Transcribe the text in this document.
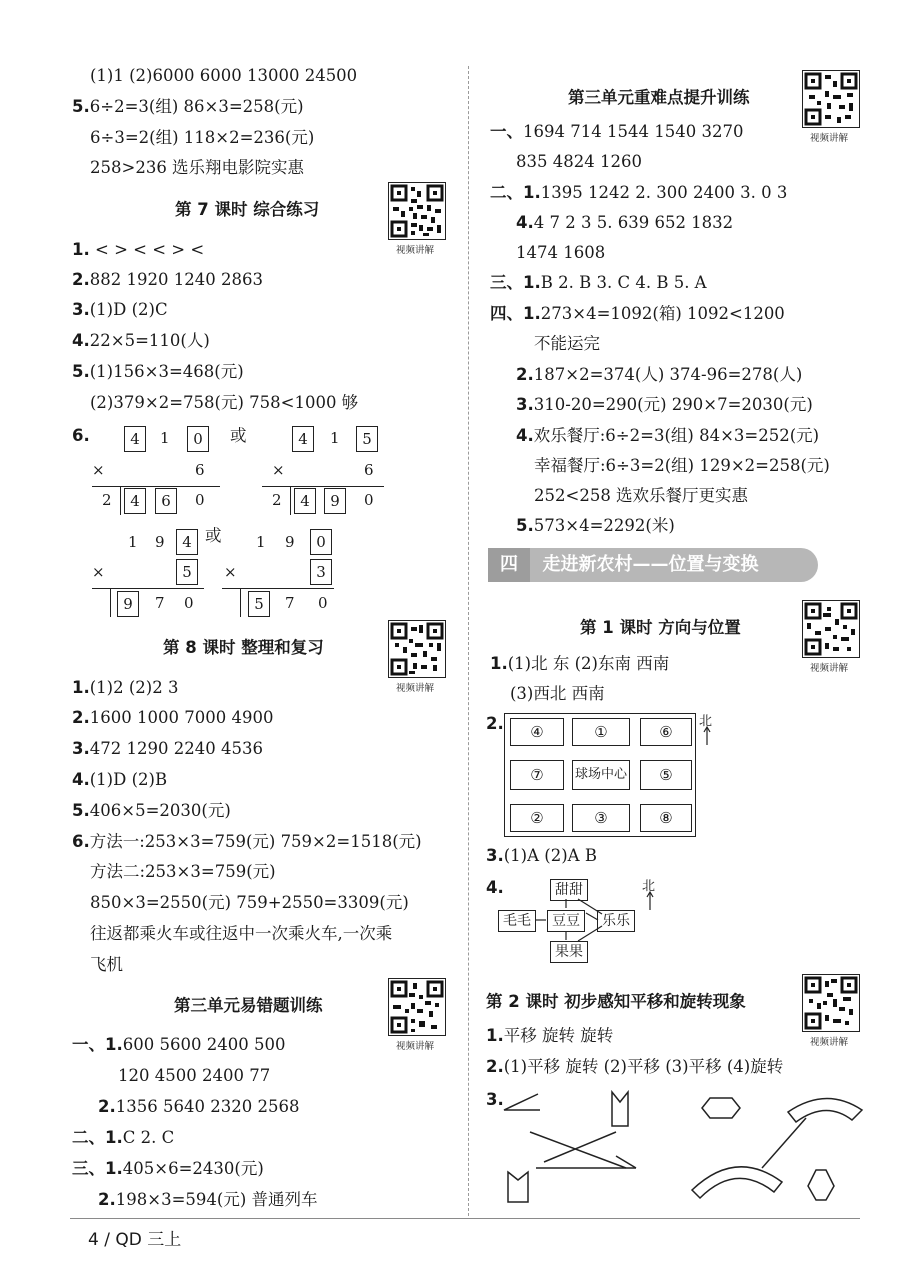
(1)1 (2)6000 6000 13000 24500
5.6÷2=3(组) 86×3=258(元)
6÷3=2(组) 118×2=236(元)
258>236 选乐翔电影院实惠
第 7 课时 综合练习
视频讲解
1. < > < < > <
2.882 1920 1240 2863
3.(1)D (2)C
4.22×5=110(人)
5.(1)156×3=468(元)
(2)379×2=758(元) 758<1000 够
6.	4	1	0
×	6
2	4	6	0
或	4	1	5
×	6
2	4	9	0
1 9	4
×	5
9	7 0
或 1 9	0
×	3
5	7 0
第 8 课时 整理和复习
视频讲解
1.(1)2 (2)2 3
2.1600 1000 7000 4900
3.472 1290 2240 4536
4.(1)D (2)B
5.406×5=2030(元)
6.方法一:253×3=759(元) 759×2=1518(元)
方法二:253×3=759(元)
850×3=2550(元) 759+2550=3309(元)
往返都乘火车或往返中一次乘火车,一次乘
飞机
第三单元易错题训练
视频讲解
一、1.600 5600 2400 500
120 4500 2400 77
2.1356 5640 2320 2568
二、1.C 2. C
三、1.405×6=2430(元)
2.198×3=594(元) 普通列车
第三单元重难点提升训练
视频讲解
一、1694 714 1544 1540 3270
835 4824 1260
二、1.1395 1242 2. 300 2400 3. 0 3
4.4 7 2 3 5. 639 652 1832
1474 1608
三、1.B 2. B 3. C 4. B 5. A
四、1.273×4=1092(箱) 1092<1200
不能运完
2.187×2=374(人) 374-96=278(人)
3.310-20=290(元) 290×7=2030(元)
4.欢乐餐厅:6÷2=3(组) 84×3=252(元)
幸福餐厅:6÷3=2(组) 129×2=258(元)
252<258 选欢乐餐厅更实惠
5.573×4=2292(米)
四 走进新农村——位置与变换
第 1 课时 方向与位置
视频讲解
1.(1)北 东 (2)东南 西南
(3)西北 西南
2.	④	①	⑥
⑦	球场中心	⑤
②	③	⑧
北
3.(1)A (2)A B
4.	甜甜
毛毛	豆豆	乐乐
果果
北
第 2 课时 初步感知平移和旋转现象
视频讲解
1.平移 旋转 旋转
2.(1)平移 旋转 (2)平移 (3)平移 (4)旋转
3.
4 / QD 三上
